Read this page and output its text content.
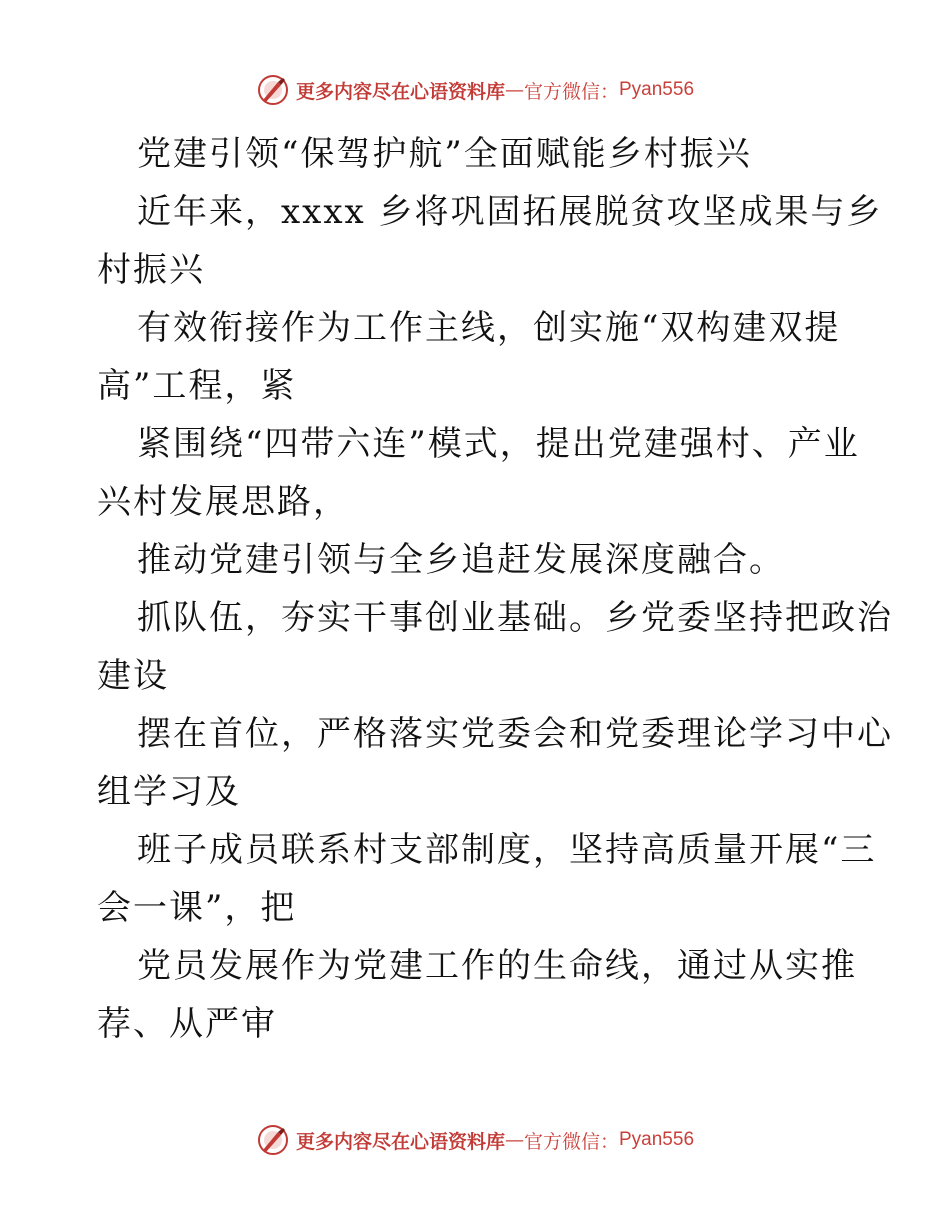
更多内容尽在心语资料库 — 官方微信： Pyan556
党建引领“保驾护航”全面赋能乡村振兴
近年来，xxxx 乡将巩固拓展脱贫攻坚成果与乡
村振兴
有效衔接作为工作主线，创实施“双构建双提
高”工程，紧
紧围绕“四带六连”模式，提出党建强村、产业
兴村发展思路，
推动党建引领与全乡追赶发展深度融合。
抓队伍，夯实干事创业基础。乡党委坚持把政治
建设
摆在首位，严格落实党委会和党委理论学习中心
组学习及
班子成员联系村支部制度，坚持高质量开展“三
会一课”，把
党员发展作为党建工作的生命线，通过从实推
荐、从严审
更多内容尽在心语资料库 — 官方微信： Pyan556
